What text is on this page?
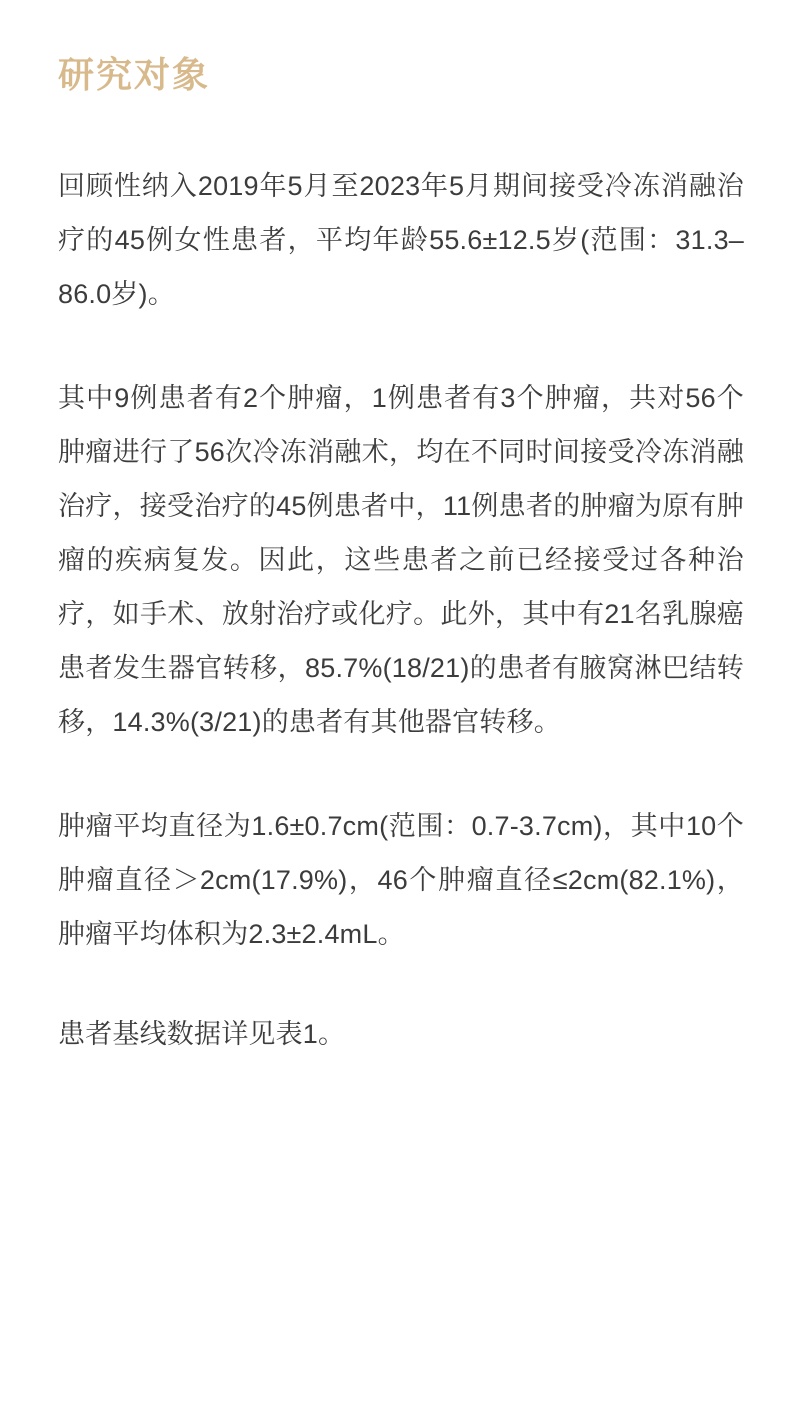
研究对象

回顾性纳入2019年5月至2023年5月期间接受冷冻消融治疗的45例女性患者，平均年龄55.6±12.5岁(范围：31.3–86.0岁)。

其中9例患者有2个肿瘤，1例患者有3个肿瘤，共对56个肿瘤进行了56次冷冻消融术，均在不同时间接受冷冻消融治疗，接受治疗的45例患者中，11例患者的肿瘤为原有肿瘤的疾病复发。因此，这些患者之前已经接受过各种治疗，如手术、放射治疗或化疗。此外，其中有21名乳腺癌患者发生器官转移，85.7%(18/21)的患者有腋窝淋巴结转移，14.3%(3/21)的患者有其他器官转移。

肿瘤平均直径为1.6±0.7cm(范围：0.7-3.7cm)，其中10个肿瘤直径＞2cm(17.9%)，46个肿瘤直径≤2cm(82.1%)，肿瘤平均体积为2.3±2.4mL。

患者基线数据详见表1。
